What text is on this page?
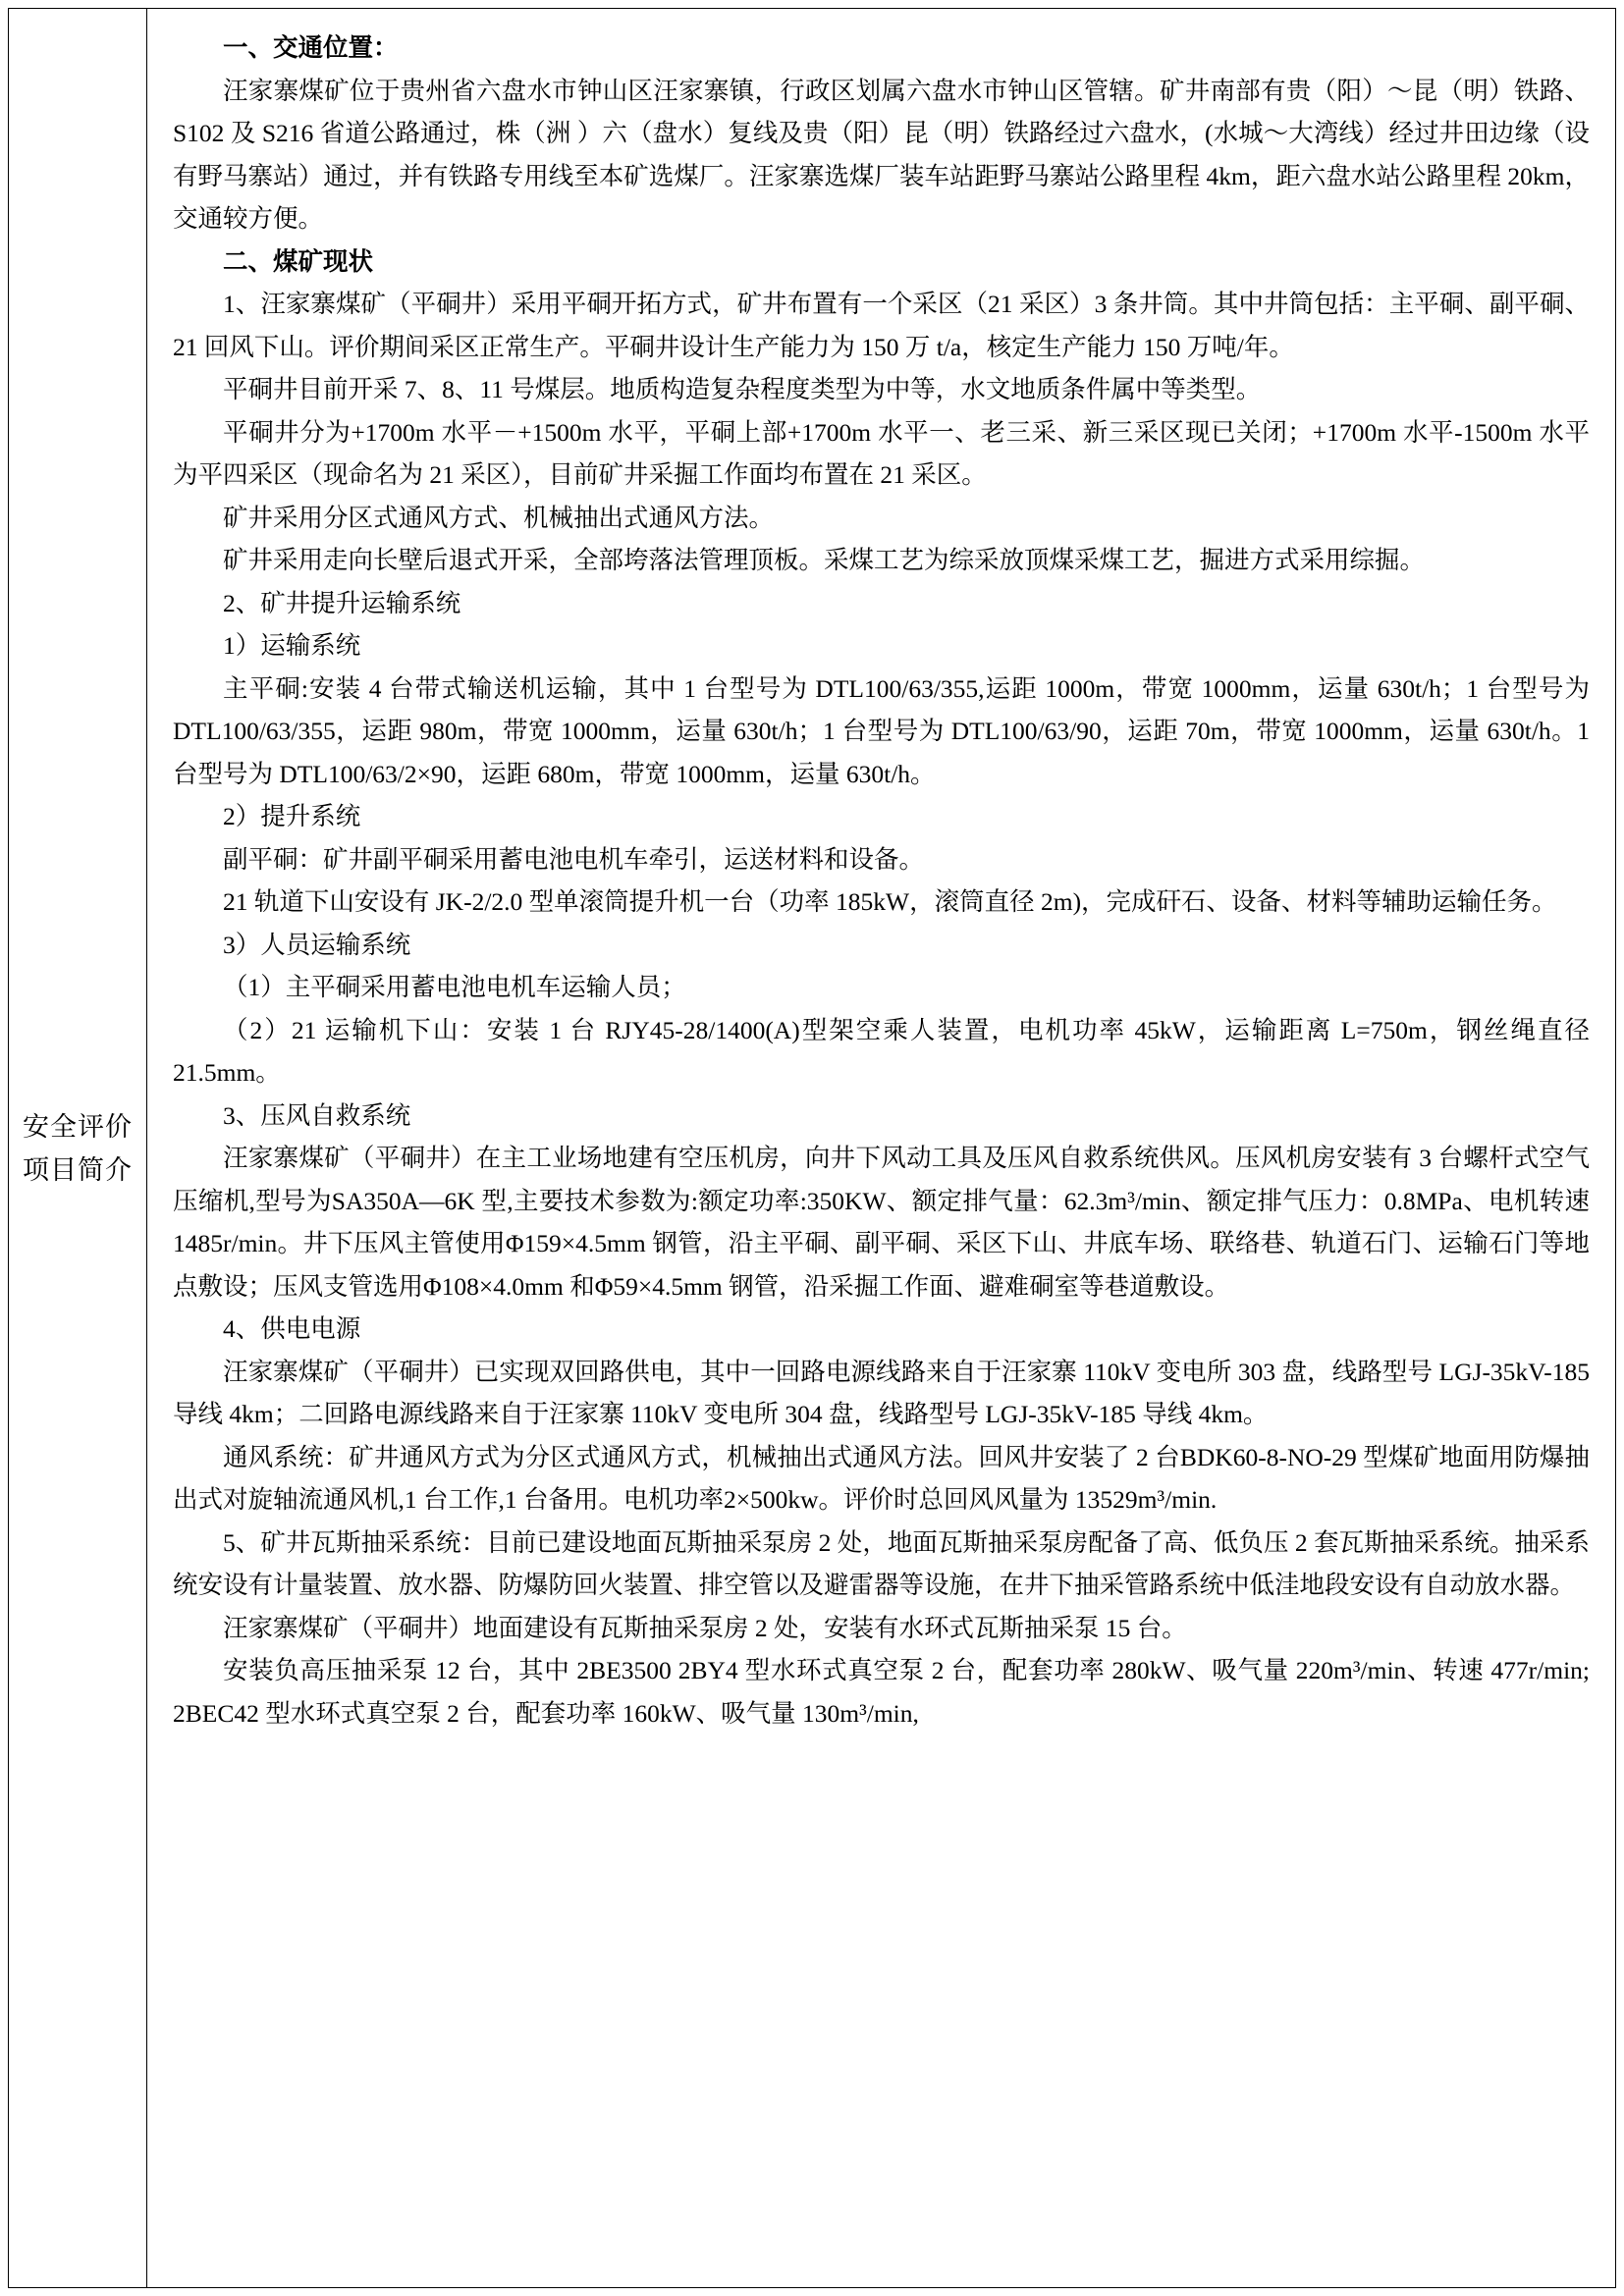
安全评价
项目简介

一、交通位置：

汪家寨煤矿位于贵州省六盘水市钟山区汪家寨镇，行政区划属六盘水市钟山区管辖。矿井南部有贵（阳）～昆（明）铁路、S102 及 S216 省道公路通过，株（洲 ）六（盘水）复线及贵（阳）昆（明）铁路经过六盘水，(水城～大湾线）经过井田边缘（设有野马寨站）通过，并有铁路专用线至本矿选煤厂。汪家寨选煤厂装车站距野马寨站公路里程 4km，距六盘水站公路里程 20km，交通较方便。

二、煤矿现状

1、汪家寨煤矿（平硐井）采用平硐开拓方式，矿井布置有一个采区（21 采区）3 条井筒。其中井筒包括：主平硐、副平硐、21 回风下山。评价期间采区正常生产。平硐井设计生产能力为 150 万 t/a，核定生产能力 150 万吨/年。

平硐井目前开采 7、8、11 号煤层。地质构造复杂程度类型为中等，水文地质条件属中等类型。

平硐井分为+1700m 水平－+1500m 水平，平硐上部+1700m 水平一、老三采、新三采区现已关闭；+1700m 水平-1500m 水平为平四采区（现命名为 21 采区），目前矿井采掘工作面均布置在 21 采区。

矿井采用分区式通风方式、机械抽出式通风方法。

矿井采用走向长壁后退式开采，全部垮落法管理顶板。采煤工艺为综采放顶煤采煤工艺，掘进方式采用综掘。

2、矿井提升运输系统

1）运输系统

主平硐:安装 4 台带式输送机运输，其中 1 台型号为 DTL100/63/355,运距 1000m，带宽 1000mm，运量 630t/h；1 台型号为 DTL100/63/355，运距 980m，带宽 1000mm，运量 630t/h；1 台型号为 DTL100/63/90，运距 70m，带宽 1000mm，运量 630t/h。1 台型号为 DTL100/63/2×90，运距 680m，带宽 1000mm，运量 630t/h。

2）提升系统

副平硐：矿井副平硐采用蓄电池电机车牵引，运送材料和设备。

21 轨道下山安设有 JK-2/2.0 型单滚筒提升机一台（功率 185kW，滚筒直径 2m)，完成矸石、设备、材料等辅助运输任务。

3）人员运输系统

（1）主平硐采用蓄电池电机车运输人员；

（2）21 运输机下山：安装 1 台 RJY45-28/1400(A)型架空乘人装置，电机功率 45kW，运输距离 L=750m，钢丝绳直径 21.5mm。

3、压风自救系统

汪家寨煤矿（平硐井）在主工业场地建有空压机房，向井下风动工具及压风自救系统供风。压风机房安装有 3 台螺杆式空气压缩机,型号为SA350A—6K 型,主要技术参数为:额定功率:350KW、额定排气量：62.3m³/min、额定排气压力：0.8MPa、电机转速 1485r/min。井下压风主管使用Φ159×4.5mm 钢管，沿主平硐、副平硐、采区下山、井底车场、联络巷、轨道石门、运输石门等地点敷设；压风支管选用Φ108×4.0mm 和Φ59×4.5mm 钢管，沿采掘工作面、避难硐室等巷道敷设。

4、供电电源

汪家寨煤矿（平硐井）已实现双回路供电，其中一回路电源线路来自于汪家寨 110kV 变电所 303 盘，线路型号 LGJ-35kV-185 导线 4km；二回路电源线路来自于汪家寨 110kV 变电所 304 盘，线路型号 LGJ-35kV-185 导线 4km。

通风系统：矿井通风方式为分区式通风方式，机械抽出式通风方法。回风井安装了 2 台BDK60-8-NO-29 型煤矿地面用防爆抽出式对旋轴流通风机,1 台工作,1 台备用。电机功率2×500kw。评价时总回风风量为 13529m³/min.

5、矿井瓦斯抽采系统：目前已建设地面瓦斯抽采泵房 2 处，地面瓦斯抽采泵房配备了高、低负压 2 套瓦斯抽采系统。抽采系统安设有计量装置、放水器、防爆防回火装置、排空管以及避雷器等设施，在井下抽采管路系统中低洼地段安设有自动放水器。

汪家寨煤矿（平硐井）地面建设有瓦斯抽采泵房 2 处，安装有水环式瓦斯抽采泵 15 台。

安装负高压抽采泵 12 台，其中 2BE3500 2BY4 型水环式真空泵 2 台，配套功率 280kW、吸气量 220m³/min、转速 477r/min; 2BEC42 型水环式真空泵 2 台，配套功率 160kW、吸气量 130m³/min,
